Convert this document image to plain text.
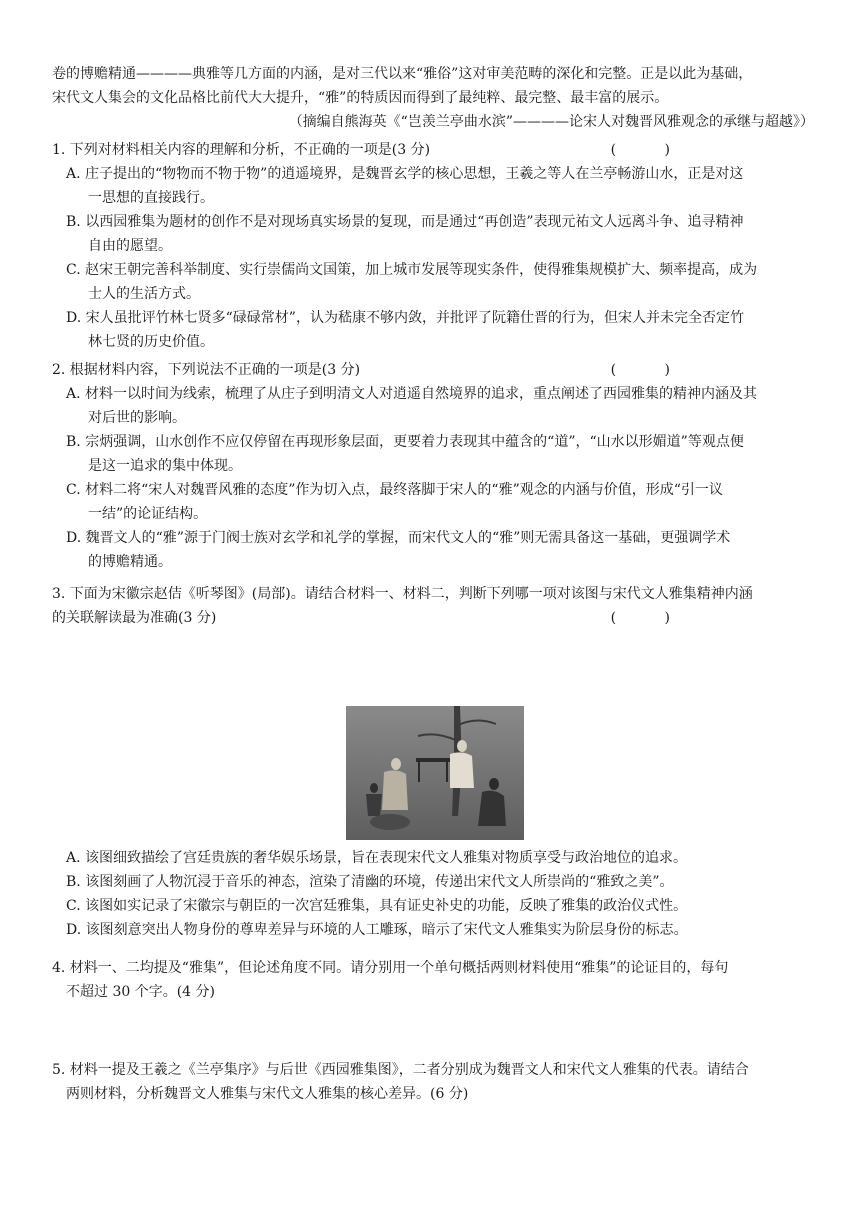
卷的博赡精通————典雅等几方面的内涵，是对三代以来“雅俗”这对审美范畴的深化和完整。正是以此为基础，

宋代文人集会的文化品格比前代大大提升，“雅”的特质因而得到了最纯粹、最完整、最丰富的展示。

（摘编自熊海英《“岂羡兰亭曲水滨”————论宋人对魏晋风雅观念的承继与超越》）

1. 下列对材料相关内容的理解和分析，不正确的一项是(3 分)	( )

A. 庄子提出的“物物而不物于物”的逍遥境界，是魏晋玄学的核心思想，王羲之等人在兰亭畅游山水，正是对这
一思想的直接践行。

B. 以西园雅集为题材的创作不是对现场真实场景的复现，而是通过“再创造”表现元祐文人远离斗争、追寻精神
自由的愿望。

C. 赵宋王朝完善科举制度、实行崇儒尚文国策，加上城市发展等现实条件，使得雅集规模扩大、频率提高，成为
士人的生活方式。

D. 宋人虽批评竹林七贤多“碌碌常材”，认为嵇康不够内敛，并批评了阮籍仕晋的行为，但宋人并未完全否定竹
林七贤的历史价值。

2. 根据材料内容，下列说法不正确的一项是(3 分)	( )

A. 材料一以时间为线索，梳理了从庄子到明清文人对逍遥自然境界的追求，重点阐述了西园雅集的精神内涵及其
对后世的影响。

B. 宗炳强调，山水创作不应仅停留在再现形象层面，更要着力表现其中蕴含的“道”，“山水以形媚道”等观点便
是这一追求的集中体现。

C. 材料二将“宋人对魏晋风雅的态度”作为切入点，最终落脚于宋人的“雅”观念的内涵与价值，形成“引一议
一结”的论证结构。

D. 魏晋文人的“雅”源于门阀士族对玄学和礼学的掌握，而宋代文人的“雅”则无需具备这一基础，更强调学术
的博赡精通。

3. 下面为宋徽宗赵佶《听琴图》(局部)。请结合材料一、材料二，判断下列哪一项对该图与宋代文人雅集精神内涵

的关联解读最为准确(3 分)	( )

A. 该图细致描绘了宫廷贵族的奢华娱乐场景，旨在表现宋代文人雅集对物质享受与政治地位的追求。

B. 该图刻画了人物沉浸于音乐的神态，渲染了清幽的环境，传递出宋代文人所崇尚的“雅致之美”。

C. 该图如实记录了宋徽宗与朝臣的一次宫廷雅集，具有证史补史的功能，反映了雅集的政治仪式性。

D. 该图刻意突出人物身份的尊卑差异与环境的人工雕琢，暗示了宋代文人雅集实为阶层身份的标志。

4. 材料一、二均提及“雅集”，但论述角度不同。请分别用一个单句概括两则材料使用“雅集”的论证目的，每句

不超过 30 个字。(4 分)

5. 材料一提及王羲之《兰亭集序》与后世《西园雅集图》，二者分别成为魏晋文人和宋代文人雅集的代表。请结合

两则材料，分析魏晋文人雅集与宋代文人雅集的核心差异。(6 分)
